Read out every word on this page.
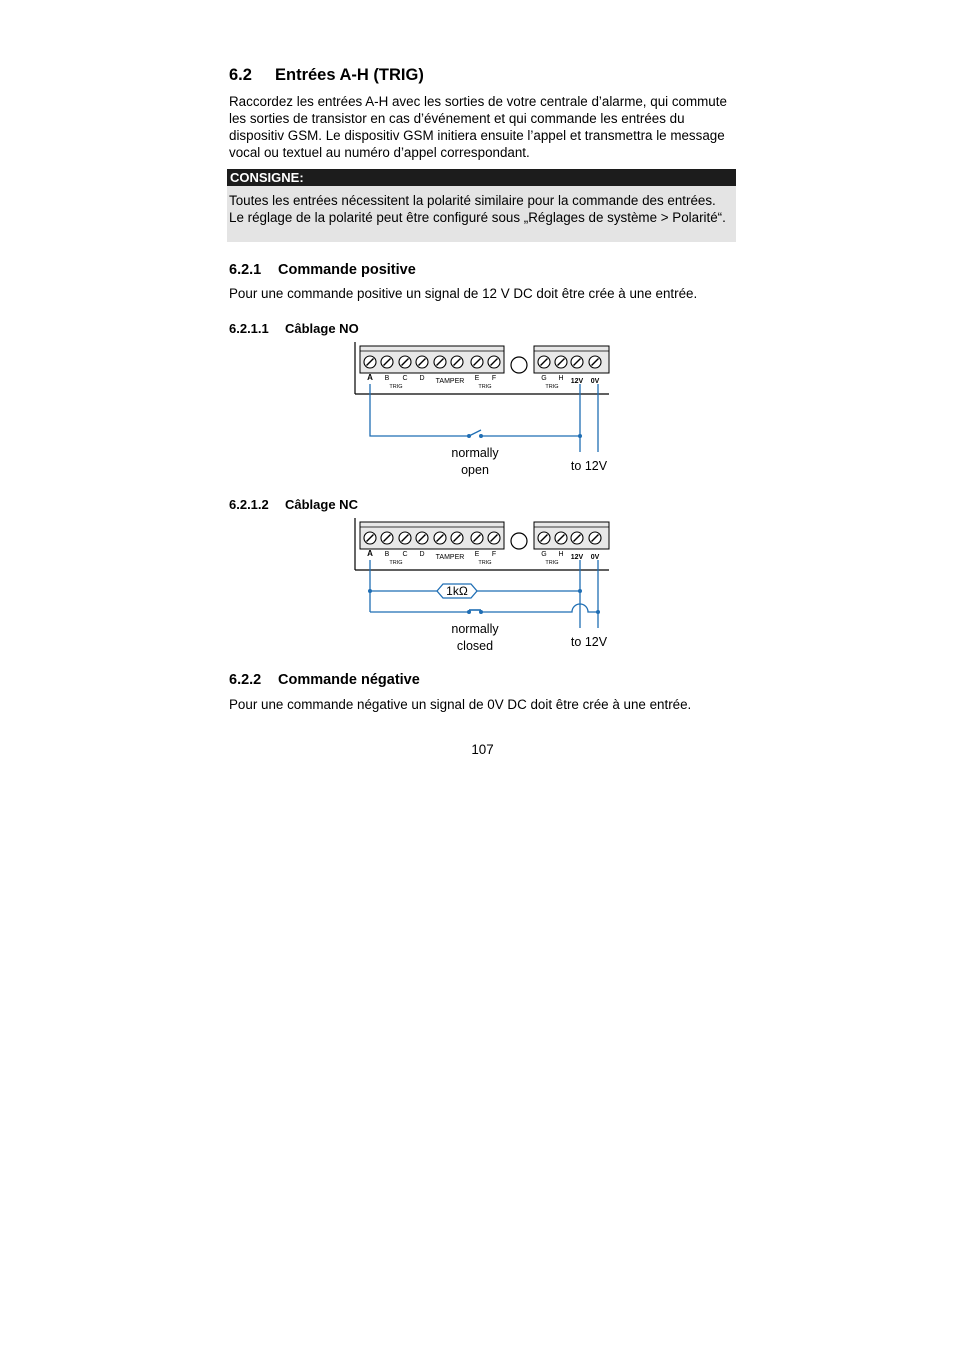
6.2 Entrées A-H (TRIG)

Raccordez les entrées A-H avec les sorties de votre centrale d’alarme, qui commute les sorties de transistor en cas d’événement et qui commande les entrées du dispositiv GSM. Le dispositiv GSM initiera ensuite l’appel et transmettra le message vocal ou textuel au numéro d’appel correspondant.

CONSIGNE:

Toutes les entrées nécessitent la polarité similaire pour la commande des entrées. Le réglage de la polarité peut être configuré sous „Réglages de système > Polarité“.

6.2.1 Commande positive

Pour une commande positive un signal de 12 V DC doit être crée à une entrée.

6.2.1.1 Câblage NO
A B C D TAMPER E F
TRIG	TRIG
G H 12V 0V
TRIG
normally
open	to 12V
6.2.1.2 Câblage NC
A B C D TAMPER E F
TRIG	TRIG
G H 12V 0V
TRIG
1kΩ
normally
closed	to 12V
6.2.2 Commande négative

Pour une commande négative un signal de 0V DC doit être crée à une entrée.

107
